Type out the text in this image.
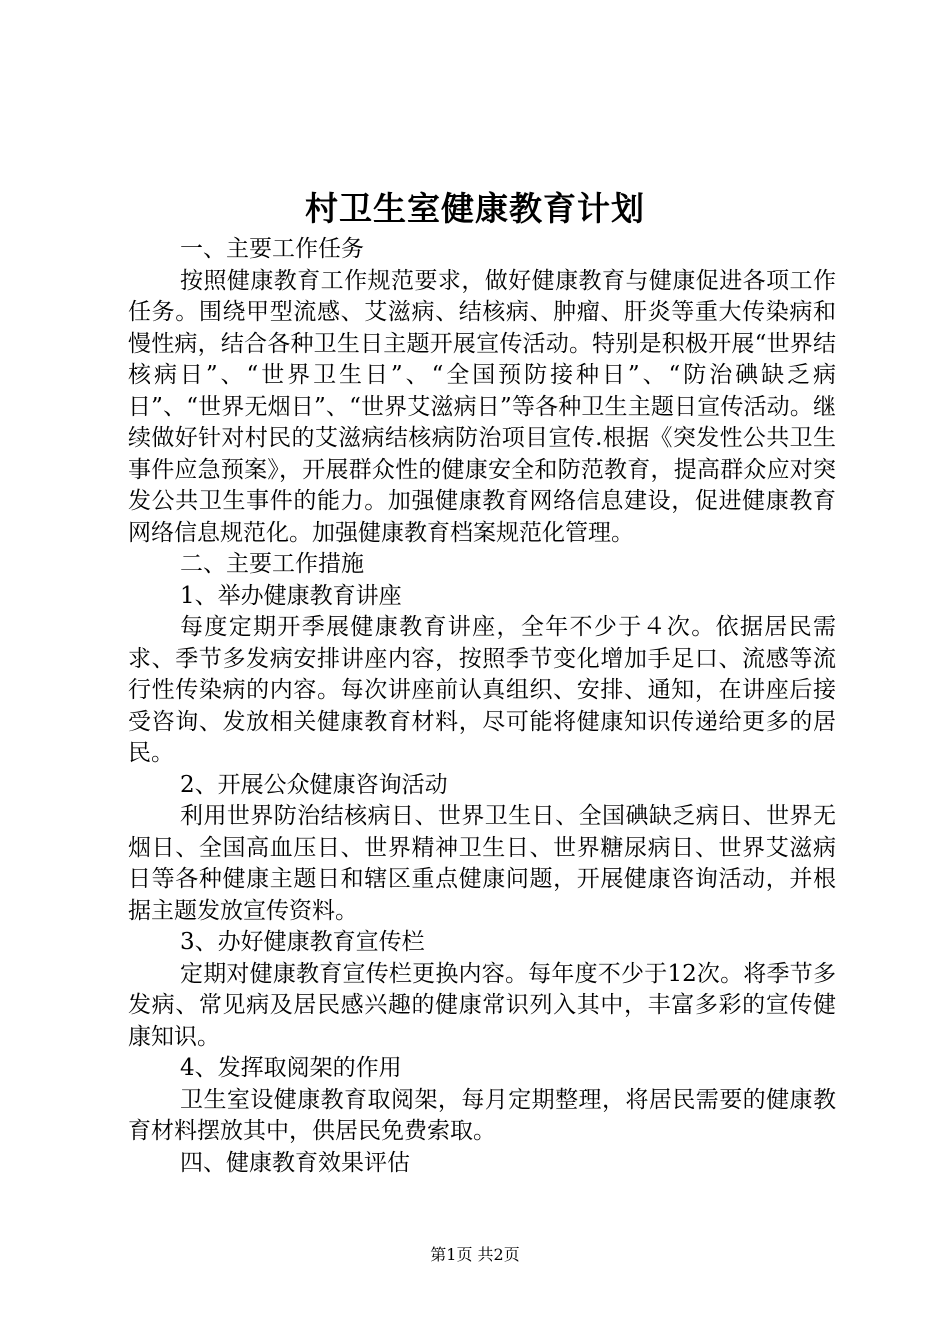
村卫生室健康教育计划

一、主要工作任务

按照健康教育工作规范要求，做好健康教育与健康促进各项工作任务。围绕甲型流感、艾滋病、结核病、肿瘤、肝炎等重大传染病和慢性病，结合各种卫生日主题开展宣传活动。特别是积极开展“世界结核病日”、“世界卫生日”、“全国预防接种日”、“防治碘缺乏病日”、“世界无烟日”、“世界艾滋病日”等各种卫生主题日宣传活动。继续做好针对村民的艾滋病结核病防治项目宣传.根据《突发性公共卫生事件应急预案》，开展群众性的健康安全和防范教育，提高群众应对突发公共卫生事件的能力。加强健康教育网络信息建设，促进健康教育网络信息规范化。加强健康教育档案规范化管理。

二、主要工作措施

1、举办健康教育讲座

每度定期开季展健康教育讲座，全年不少于４次。依据居民需求、季节多发病安排讲座内容，按照季节变化增加手足口、流感等流行性传染病的内容。每次讲座前认真组织、安排、通知，在讲座后接受咨询、发放相关健康教育材料，尽可能将健康知识传递给更多的居民。

2、开展公众健康咨询活动

利用世界防治结核病日、世界卫生日、全国碘缺乏病日、世界无烟日、全国高血压日、世界精神卫生日、世界糖尿病日、世界艾滋病日等各种健康主题日和辖区重点健康问题，开展健康咨询活动，并根据主题发放宣传资料。

3、办好健康教育宣传栏

定期对健康教育宣传栏更换内容。每年度不少于12次。将季节多发病、常见病及居民感兴趣的健康常识列入其中，丰富多彩的宣传健康知识。

4、发挥取阅架的作用

卫生室设健康教育取阅架，每月定期整理，将居民需要的健康教育材料摆放其中，供居民免费索取。

四、健康教育效果评估

第1页 共2页
